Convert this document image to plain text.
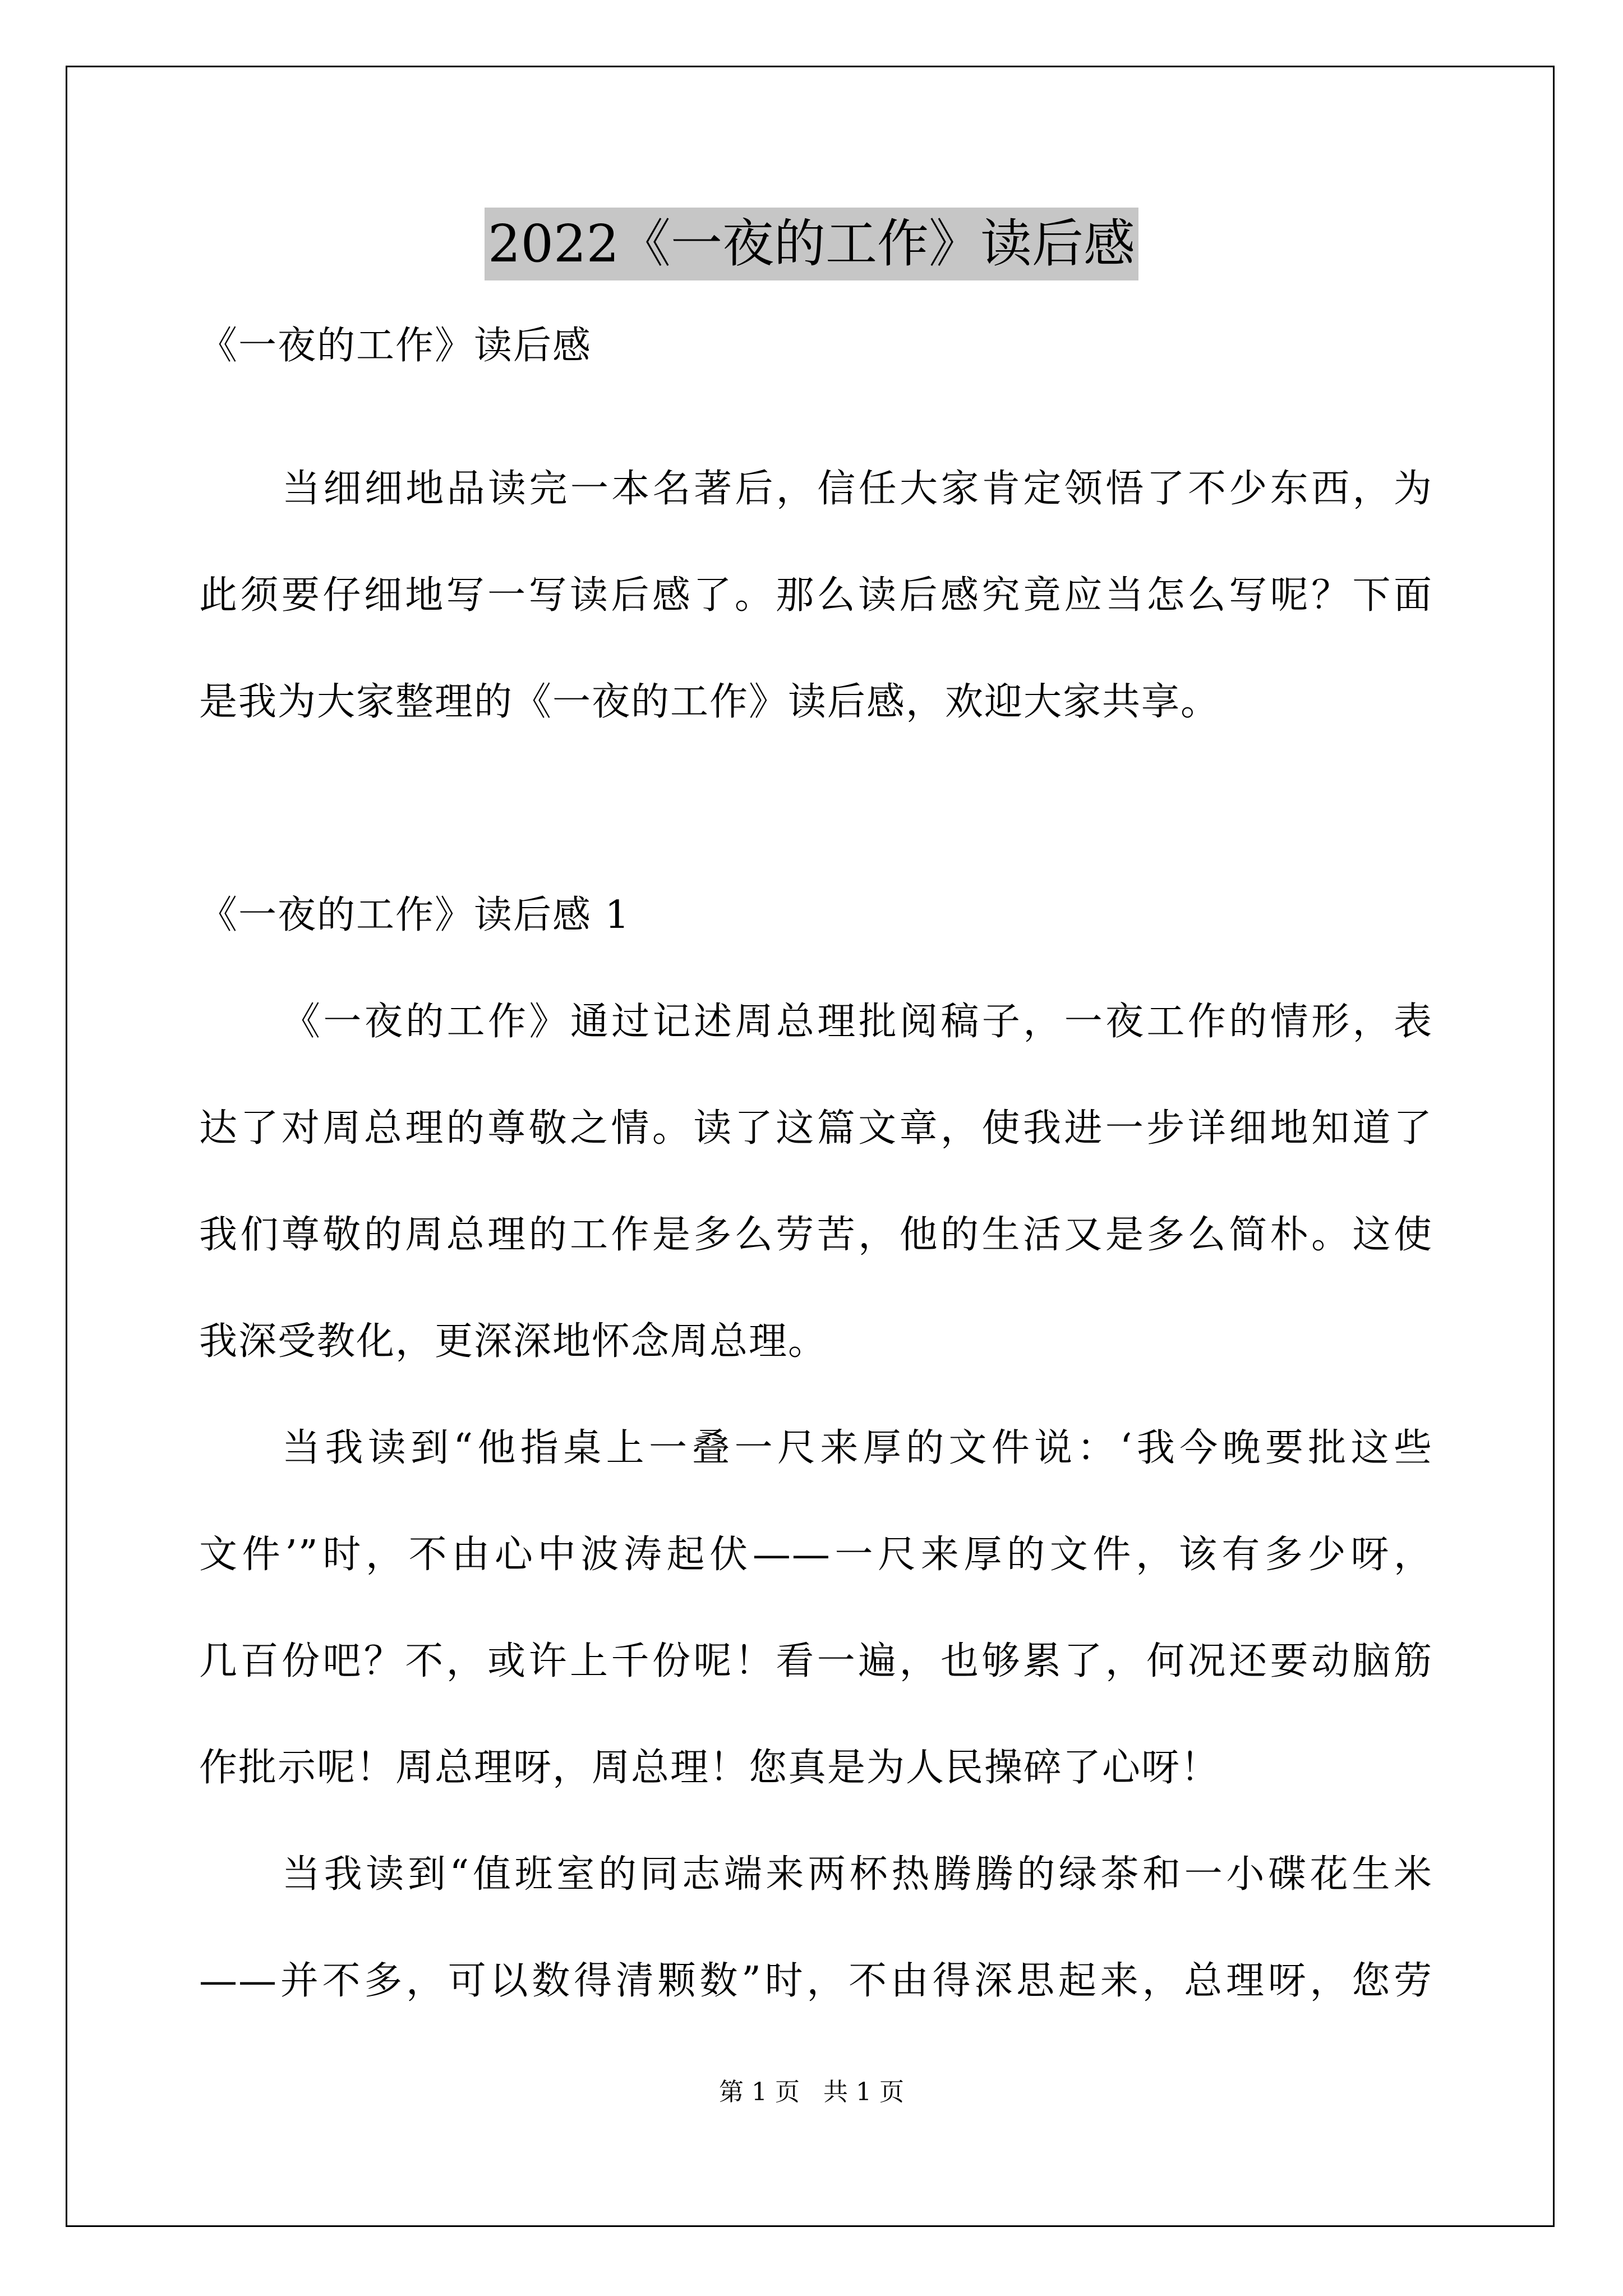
2022《一夜的工作》读后感
《一夜的工作》读后感
当细细地品读完一本名著后，信任大家肯定领悟了不少东西，为
此须要仔细地写一写读后感了。那么读后感究竟应当怎么写呢？下面
是我为大家整理的《一夜的工作》读后感，欢迎大家共享。
《一夜的工作》读后感 1
《一夜的工作》通过记述周总理批阅稿子，一夜工作的情形，表
达了对周总理的尊敬之情。读了这篇文章，使我进一步详细地知道了
我们尊敬的周总理的工作是多么劳苦，他的生活又是多么简朴。这使
我深受教化，更深深地怀念周总理。
当我读到“他指桌上一叠一尺来厚的文件说：‘我今晚要批这些
文件’”时，不由心中波涛起伏——一尺来厚的文件，该有多少呀，
几百份吧？不，或许上千份呢！看一遍，也够累了，何况还要动脑筋
作批示呢！周总理呀，周总理！您真是为人民操碎了心呀！
当我读到“值班室的同志端来两杯热腾腾的绿茶和一小碟花生米
——并不多，可以数得清颗数”时，不由得深思起来，总理呀，您劳
第 1 页 共 1 页
